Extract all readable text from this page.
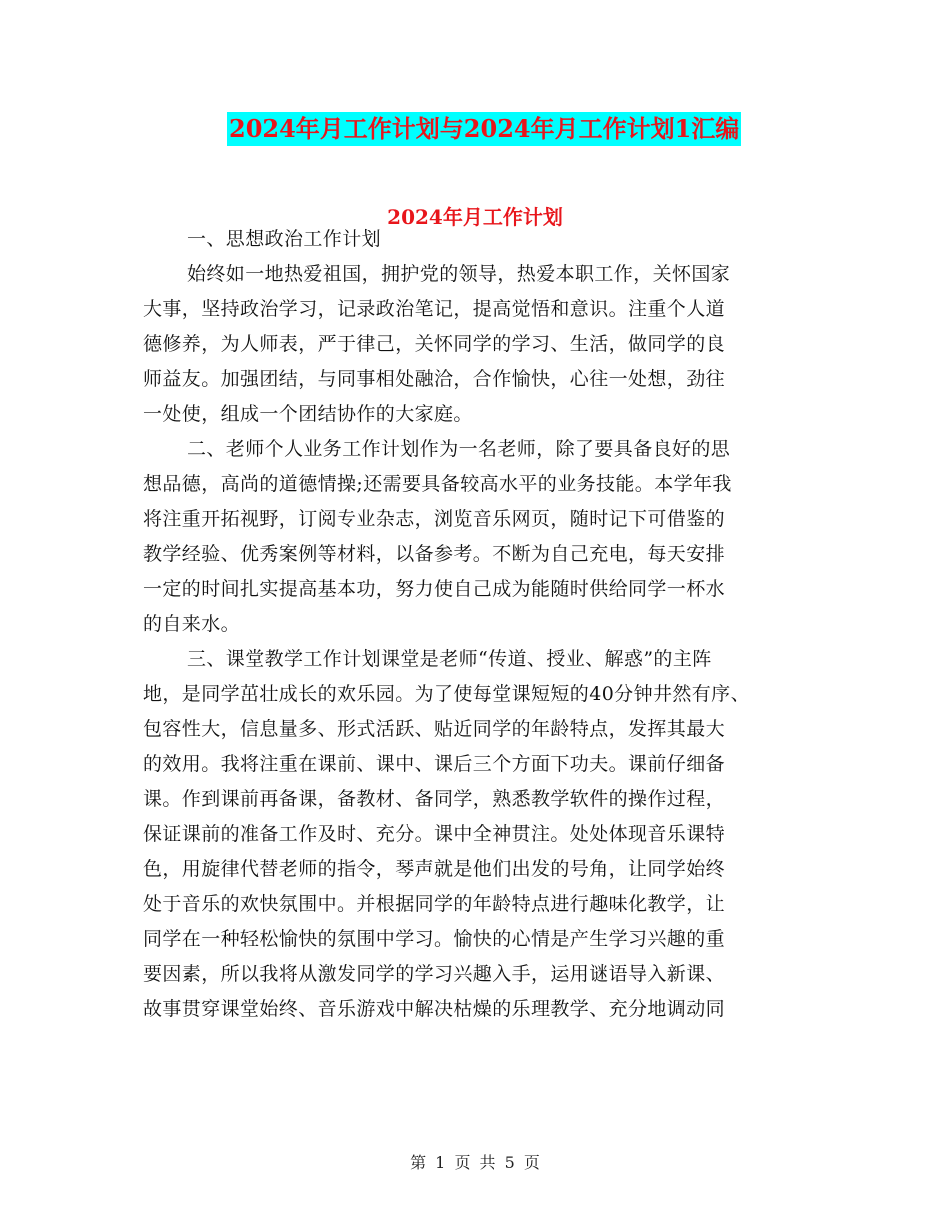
2024年月工作计划与2024年月工作计划1汇编
2024年月工作计划
一、思想政治工作计划
始终如一地热爱祖国，拥护党的领导，热爱本职工作，关怀国家
大事，坚持政治学习，记录政治笔记，提高觉悟和意识。注重个人道
德修养，为人师表，严于律己，关怀同学的学习、生活，做同学的良
师益友。加强团结，与同事相处融洽，合作愉快，心往一处想，劲往
一处使，组成一个团结协作的大家庭。
二、老师个人业务工作计划作为一名老师，除了要具备良好的思
想品德，高尚的道德情操;还需要具备较高水平的业务技能。本学年我
将注重开拓视野，订阅专业杂志，浏览音乐网页，随时记下可借鉴的
教学经验、优秀案例等材料，以备参考。不断为自己充电，每天安排
一定的时间扎实提高基本功，努力使自己成为能随时供给同学一杯水
的自来水。
三、课堂教学工作计划课堂是老师“传道、授业、解惑”的主阵
地，是同学茁壮成长的欢乐园。为了使每堂课短短的40分钟井然有序、
包容性大，信息量多、形式活跃、贴近同学的年龄特点，发挥其最大
的效用。我将注重在课前、课中、课后三个方面下功夫。课前仔细备
课。作到课前再备课，备教材、备同学，熟悉教学软件的操作过程，
保证课前的准备工作及时、充分。课中全神贯注。处处体现音乐课特
色，用旋律代替老师的指令，琴声就是他们出发的号角，让同学始终
处于音乐的欢快氛围中。并根据同学的年龄特点进行趣味化教学，让
同学在一种轻松愉快的氛围中学习。愉快的心情是产生学习兴趣的重
要因素，所以我将从激发同学的学习兴趣入手，运用谜语导入新课、
故事贯穿课堂始终、音乐游戏中解决枯燥的乐理教学、充分地调动同
第 1 页 共 5 页
